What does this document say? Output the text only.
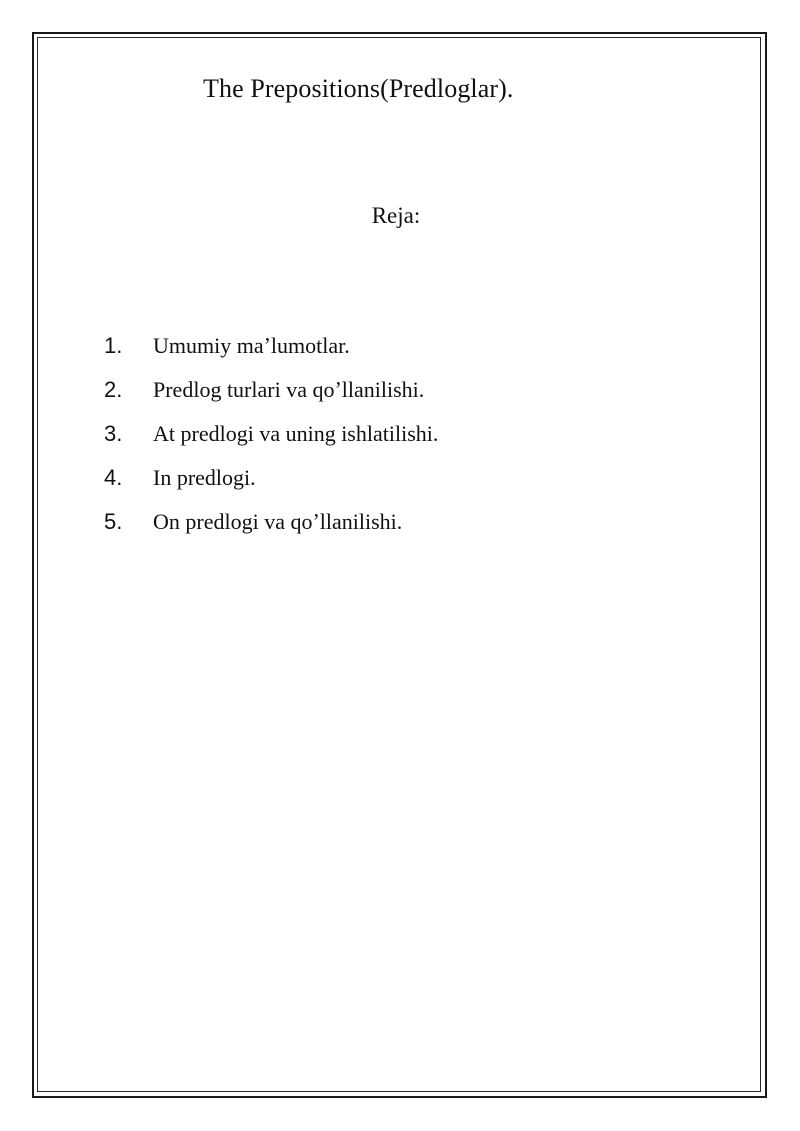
The Prepositions(Predloglar).
Reja:
1.	Umumiy maʼlumotlar.
2.	Predlog turlari va qoʼllanilishi.
3.	At predlogi va uning ishlatilishi.
4.	In predlogi.
5.	On predlogi va qoʼllanilishi.
